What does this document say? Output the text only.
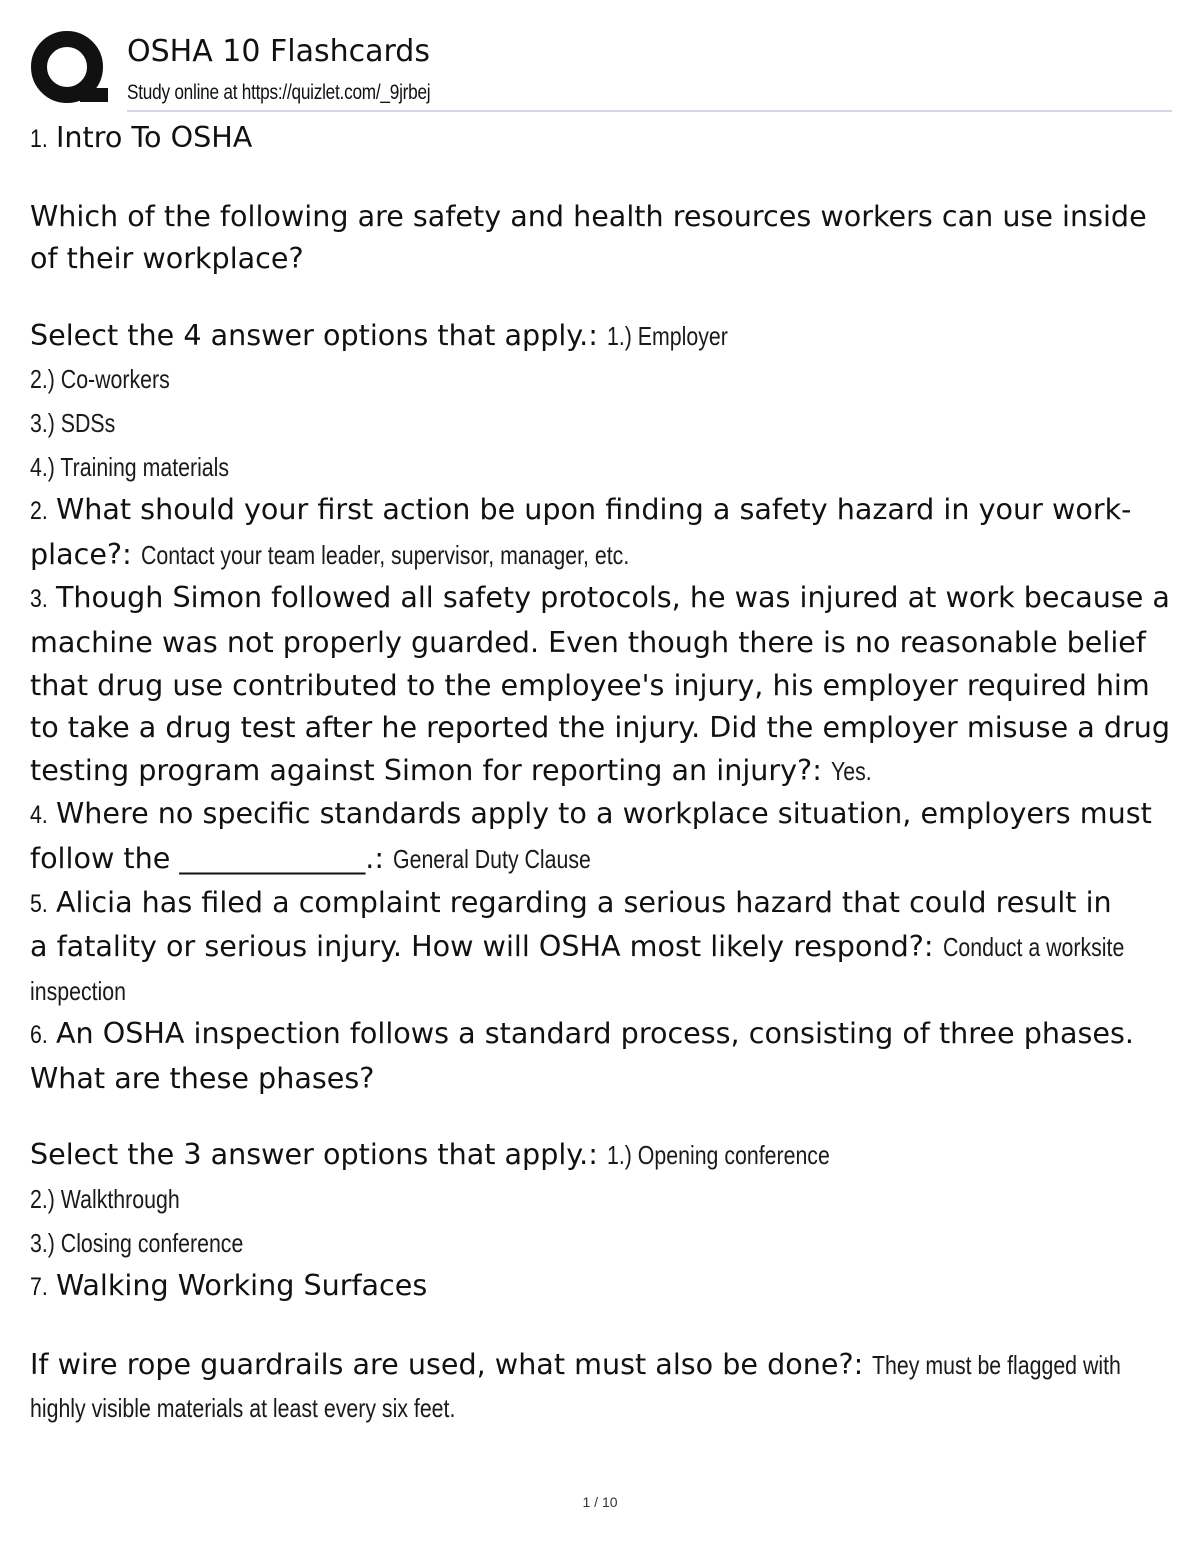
OSHA 10 Flashcards
Study online at https://quizlet.com/_9jrbej
1. Intro To OSHA
Which of the following are safety and health resources workers can use inside
of their workplace?
Select the 4 answer options that apply.: 1.) Employer
2.) Co-workers
3.) SDSs
4.) Training materials
2. What should your first action be upon finding a safety hazard in your work-
place?: Contact your team leader, supervisor, manager, etc.
3. Though Simon followed all safety protocols, he was injured at work because a
machine was not properly guarded. Even though there is no reasonable belief
that drug use contributed to the employee's injury, his employer required him
to take a drug test after he reported the injury. Did the employer misuse a drug
testing program against Simon for reporting an injury?: Yes.
4. Where no specific standards apply to a workplace situation, employers must
follow the _____________.: General Duty Clause
5. Alicia has filed a complaint regarding a serious hazard that could result in
a fatality or serious injury. How will OSHA most likely respond?: Conduct a worksite
inspection
6. An OSHA inspection follows a standard process, consisting of three phases.
What are these phases?
Select the 3 answer options that apply.: 1.) Opening conference
2.) Walkthrough
3.) Closing conference
7. Walking Working Surfaces
If wire rope guardrails are used, what must also be done?: They must be flagged with
highly visible materials at least every six feet.
1 / 10
